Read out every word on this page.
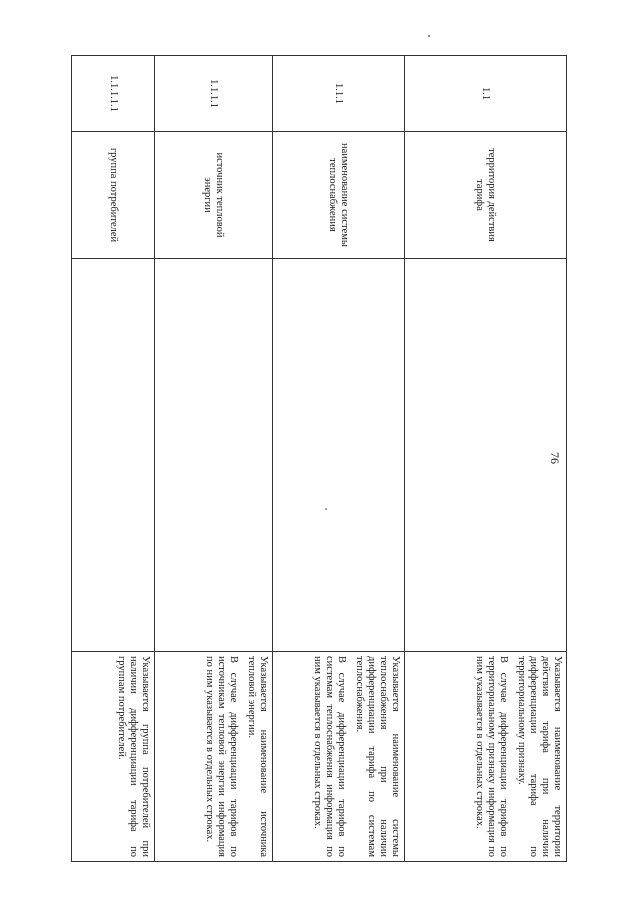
76
1.1	территория действия тарифа		Указывается наименование территории действия тарифа при наличии дифференциации тарифа по территориальному признаку.

В случае дифференциации тарифов по территориальному признаку информация по ним указывается в отдельных строках.

1.1.1	наименование системы теплоснабжения		Указывается наименование системы теплоснабжения при наличии дифференциации тарифа по системам теплоснабжения.

В случае дифференциации тарифов по системам теплоснабжения информация по ним указывается в отдельных строках.

1.1.1.1	источник тепловой энергии		Указывается наименование источника тепловой энергии.

В случае дифференциации тарифов по источникам тепловой энергии информация по ним указывается в отдельных строках.

1.1.1.1.1	группа потребителей		Указывается группа потребителей при наличии дифференциации тарифа по группам потребителей.
